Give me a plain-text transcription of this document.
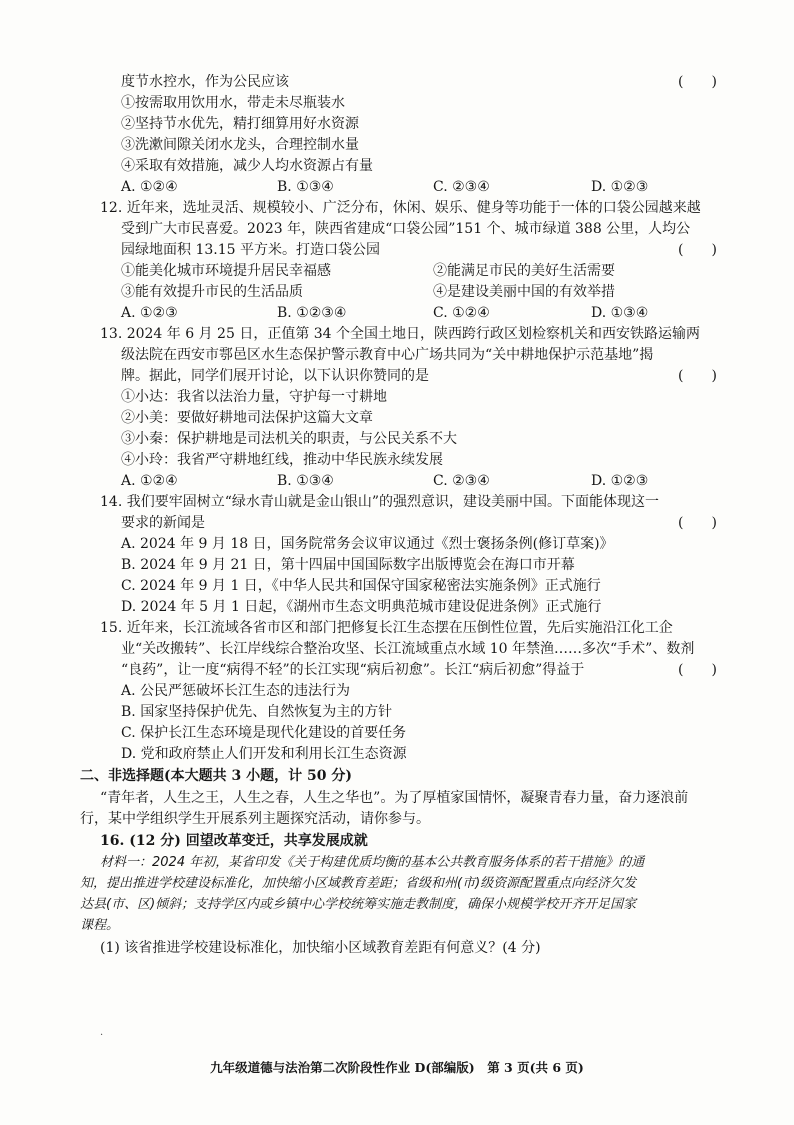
度节水控水，作为公民应该	(　　)
①按需取用饮用水，带走未尽瓶装水
②坚持节水优先，精打细算用好水资源
③洗漱间隙关闭水龙头，合理控制水量
④采取有效措施，减少人均水资源占有量
A. ①②④	B. ①③④	C. ②③④	D. ①②③
12. 近年来，选址灵活、规模较小、广泛分布，休闲、娱乐、健身等功能于一体的口袋公园越来越
受到广大市民喜爱。2023 年，陕西省建成“口袋公园”151 个、城市绿道 388 公里，人均公
园绿地面积 13.15 平方米。打造口袋公园	(　　)
①能美化城市环境提升居民幸福感	②能满足市民的美好生活需要
③能有效提升市民的生活品质	④是建设美丽中国的有效举措
A. ①②③	B. ①②③④	C. ①②④	D. ①③④
13. 2024 年 6 月 25 日，正值第 34 个全国土地日，陕西跨行政区划检察机关和西安铁路运输两
级法院在西安市鄠邑区水生态保护警示教育中心广场共同为“关中耕地保护示范基地”揭
牌。据此，同学们展开讨论，以下认识你赞同的是	(　　)
①小达：我省以法治力量，守护每一寸耕地
②小美：要做好耕地司法保护这篇大文章
③小秦：保护耕地是司法机关的职责，与公民关系不大
④小玲：我省严守耕地红线，推动中华民族永续发展
A. ①②④	B. ①③④	C. ②③④	D. ①②③
14. 我们要牢固树立“绿水青山就是金山银山”的强烈意识，建设美丽中国。下面能体现这一
要求的新闻是	(　　)
A. 2024 年 9 月 18 日，国务院常务会议审议通过《烈士褒扬条例(修订草案)》
B. 2024 年 9 月 21 日，第十四届中国国际数字出版博览会在海口市开幕
C. 2024 年 9 月 1 日，《中华人民共和国保守国家秘密法实施条例》正式施行
D. 2024 年 5 月 1 日起，《湖州市生态文明典范城市建设促进条例》正式施行
15. 近年来，长江流域各省市区和部门把修复长江生态摆在压倒性位置，先后实施沿江化工企
业“关改搬转”、长江岸线综合整治攻坚、长江流域重点水域 10 年禁渔……多次“手术”、数剂
“良药”，让一度“病得不轻”的长江实现“病后初愈”。长江“病后初愈”得益于	(　　)
A. 公民严惩破坏长江生态的违法行为
B. 国家坚持保护优先、自然恢复为主的方针
C. 保护长江生态环境是现代化建设的首要任务
D. 党和政府禁止人们开发和利用长江生态资源
二、非选择题(本大题共 3 小题，计 50 分)
“青年者，人生之王，人生之春，人生之华也”。为了厚植家国情怀，凝聚青春力量，奋力逐浪前
行，某中学组织学生开展系列主题探究活动，请你参与。
16. (12 分) 回望改革变迁，共享发展成就
材料一：2024 年初，某省印发《关于构建优质均衡的基本公共教育服务体系的若干措施》的通
知，提出推进学校建设标准化，加快缩小区域教育差距；省级和州(市)级资源配置重点向经济欠发
达县(市、区)倾斜；支持学区内或乡镇中心学校统筹实施走教制度，确保小规模学校开齐开足国家
课程。
(1) 该省推进学校建设标准化，加快缩小区域教育差距有何意义？(4 分)
·
九年级道德与法治第二次阶段性作业 D(部编版)　第 3 页(共 6 页)
